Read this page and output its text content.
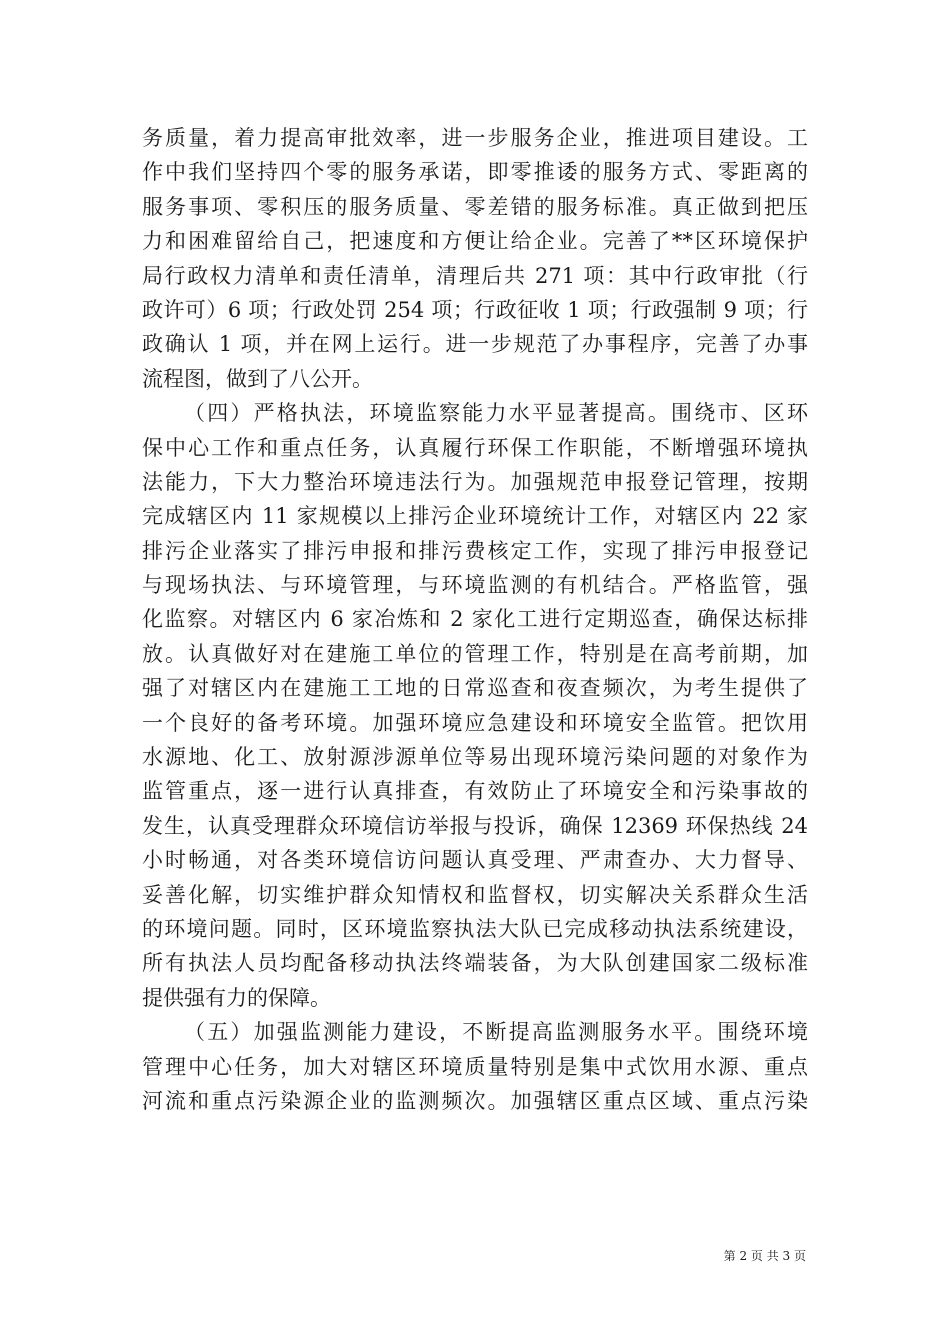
务质量，着力提高审批效率，进一步服务企业，推进项目建设。工
作中我们坚持四个零的服务承诺，即零推诿的服务方式、零距离的
服务事项、零积压的服务质量、零差错的服务标准。真正做到把压
力和困难留给自己，把速度和方便让给企业。完善了**区环境保护
局行政权力清单和责任清单，清理后共 271 项：其中行政审批（行
政许可）6 项；行政处罚 254 项；行政征收 1 项；行政强制 9 项；行
政确认 1 项，并在网上运行。进一步规范了办事程序，完善了办事
流程图，做到了八公开。
（四）严格执法，环境监察能力水平显著提高。围绕市、区环
保中心工作和重点任务，认真履行环保工作职能，不断增强环境执
法能力，下大力整治环境违法行为。加强规范申报登记管理，按期
完成辖区内 11 家规模以上排污企业环境统计工作，对辖区内 22 家
排污企业落实了排污申报和排污费核定工作，实现了排污申报登记
与现场执法、与环境管理，与环境监测的有机结合。严格监管，强
化监察。对辖区内 6 家冶炼和 2 家化工进行定期巡查，确保达标排
放。认真做好对在建施工单位的管理工作，特别是在高考前期，加
强了对辖区内在建施工工地的日常巡查和夜查频次，为考生提供了
一个良好的备考环境。加强环境应急建设和环境安全监管。把饮用
水源地、化工、放射源涉源单位等易出现环境污染问题的对象作为
监管重点，逐一进行认真排查，有效防止了环境安全和污染事故的
发生，认真受理群众环境信访举报与投诉，确保 12369 环保热线 24
小时畅通，对各类环境信访问题认真受理、严肃查办、大力督导、
妥善化解，切实维护群众知情权和监督权，切实解决关系群众生活
的环境问题。同时，区环境监察执法大队已完成移动执法系统建设，
所有执法人员均配备移动执法终端装备，为大队创建国家二级标准
提供强有力的保障。
（五）加强监测能力建设，不断提高监测服务水平。围绕环境
管理中心任务，加大对辖区环境质量特别是集中式饮用水源、重点
河流和重点污染源企业的监测频次。加强辖区重点区域、重点污染
第 2 页 共 3 页
